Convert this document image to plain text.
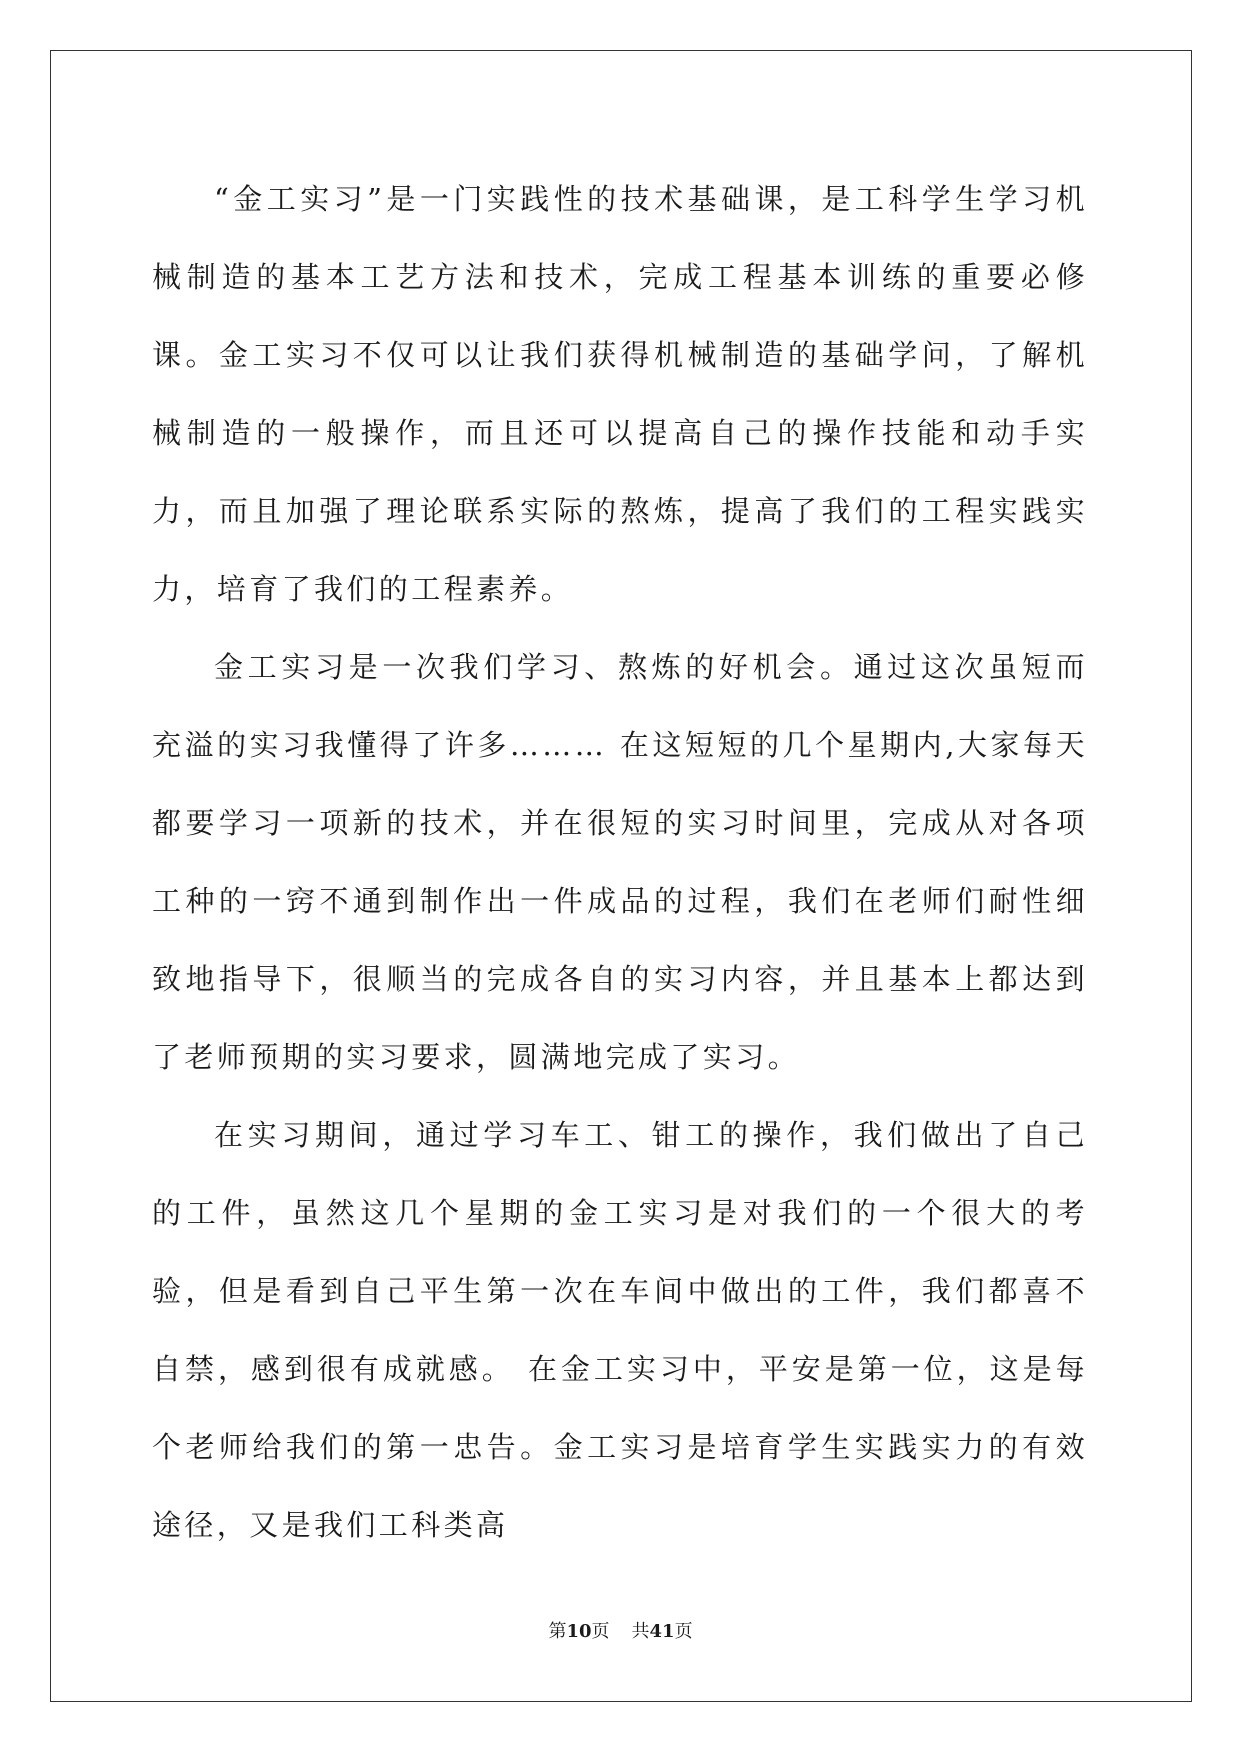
“金工实习”是一门实践性的技术基础课，是工科学生学习机械制造的基本工艺方法和技术，完成工程基本训练的重要必修课。金工实习不仅可以让我们获得机械制造的基础学问，了解机械制造的一般操作，而且还可以提高自己的操作技能和动手实力，而且加强了理论联系实际的熬炼，提高了我们的工程实践实力，培育了我们的工程素养。

金工实习是一次我们学习、熬炼的好机会。通过这次虽短而充溢的实习我懂得了许多……… 在这短短的几个星期内,大家每天都要学习一项新的技术，并在很短的实习时间里，完成从对各项工种的一窍不通到制作出一件成品的过程，我们在老师们耐性细致地指导下，很顺当的完成各自的实习内容，并且基本上都达到了老师预期的实习要求，圆满地完成了实习。

在实习期间，通过学习车工、钳工的操作，我们做出了自己的工件，虽然这几个星期的金工实习是对我们的一个很大的考验，但是看到自己平生第一次在车间中做出的工件，我们都喜不自禁，感到很有成就感。 在金工实习中，平安是第一位，这是每个老师给我们的第一忠告。金工实习是培育学生实践实力的有效途径，又是我们工科类高

第10页 共41页
